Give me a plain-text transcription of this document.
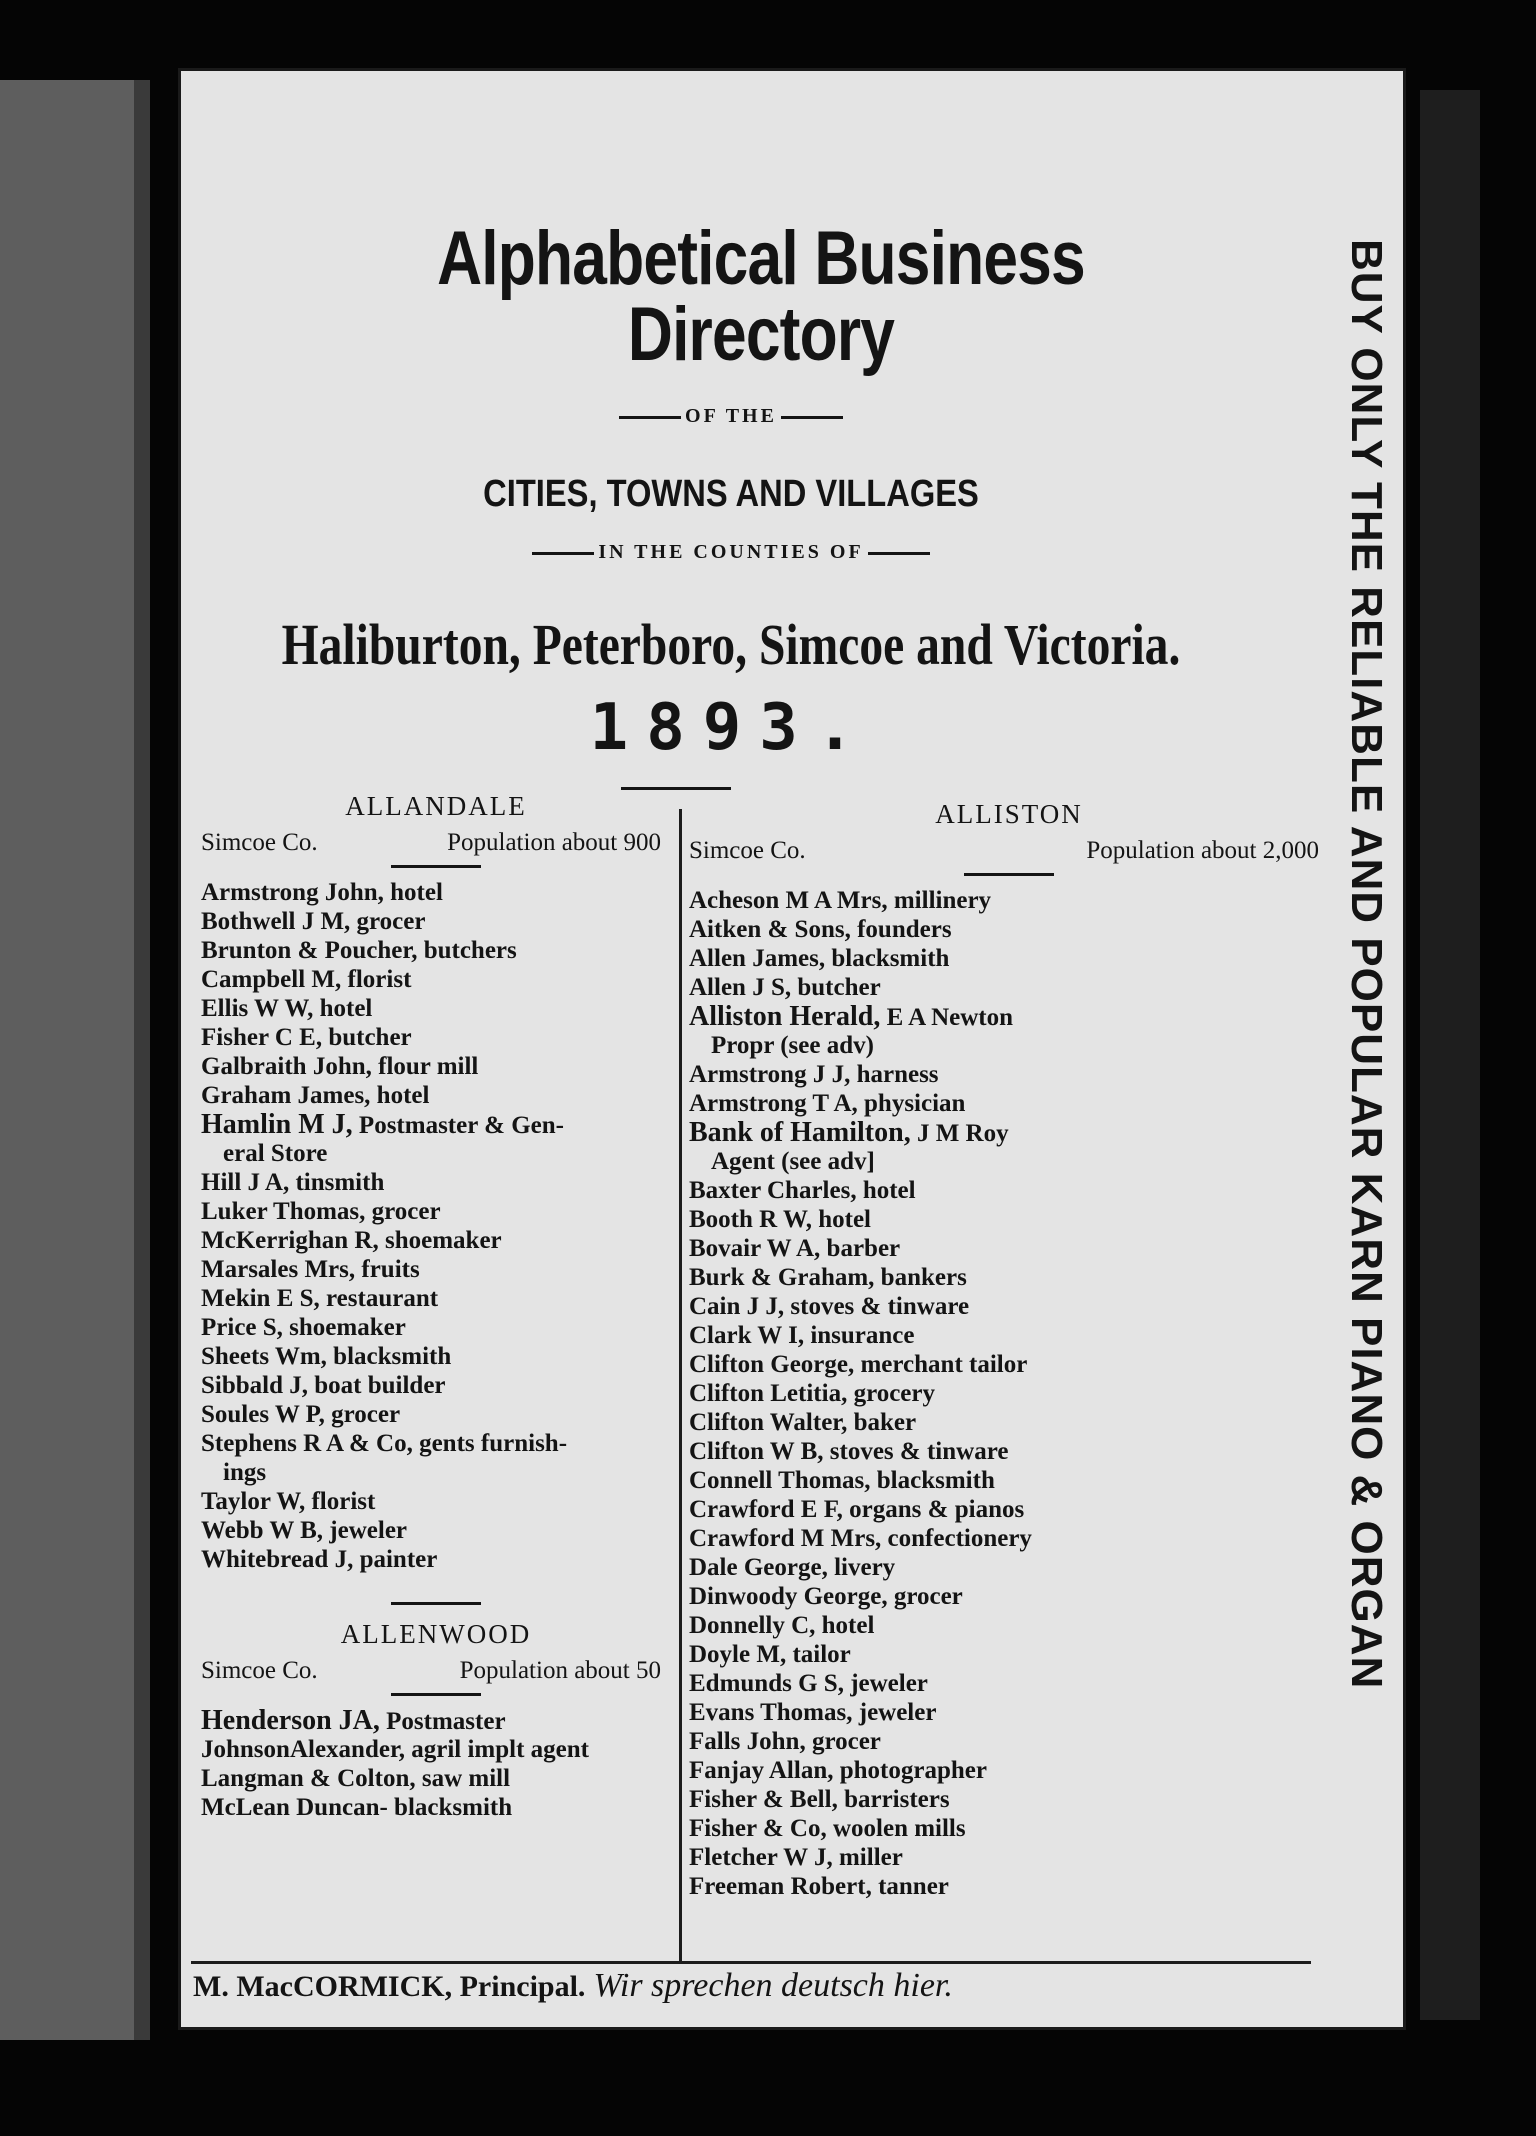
Alphabetical Business Directory
OF THE
CITIES, TOWNS AND VILLAGES
IN THE COUNTIES OF
Haliburton, Peterboro, Simcoe and Victoria.
1893.
ALLANDALE
Simcoe Co.	Population about 900
Armstrong John, hotel
Bothwell J M, grocer
Brunton & Poucher, butchers
Campbell M, florist
Ellis W W, hotel
Fisher C E, butcher
Galbraith John, flour mill
Graham James, hotel
Hamlin M J, Postmaster & Gen-
eral Store
Hill J A, tinsmith
Luker Thomas, grocer
McKerrighan R, shoemaker
Marsales Mrs, fruits
Mekin E S, restaurant
Price S, shoemaker
Sheets Wm, blacksmith
Sibbald J, boat builder
Soules W P, grocer
Stephens R A & Co, gents furnish-
ings
Taylor W, florist
Webb W B, jeweler
Whitebread J, painter
ALLENWOOD
Simcoe Co.	Population about 50
Henderson JA, Postmaster
JohnsonAlexander, agril implt agent
Langman & Colton, saw mill
McLean Duncan- blacksmith
ALLISTON
Simcoe Co.	Population about 2,000
Acheson M A Mrs, millinery
Aitken & Sons, founders
Allen James, blacksmith
Allen J S, butcher
Alliston Herald, E A Newton
Propr (see adv)
Armstrong J J, harness
Armstrong T A, physician
Bank of Hamilton, J M Roy
Agent (see adv]
Baxter Charles, hotel
Booth R W, hotel
Bovair W A, barber
Burk & Graham, bankers
Cain J J, stoves & tinware
Clark W I, insurance
Clifton George, merchant tailor
Clifton Letitia, grocery
Clifton Walter, baker
Clifton W B, stoves & tinware
Connell Thomas, blacksmith
Crawford E F, organs & pianos
Crawford M Mrs, confectionery
Dale George, livery
Dinwoody George, grocer
Donnelly C, hotel
Doyle M, tailor
Edmunds G S, jeweler
Evans Thomas, jeweler
Falls John, grocer
Fanjay Allan, photographer
Fisher & Bell, barristers
Fisher & Co, woolen mills
Fletcher W J, miller
Freeman Robert, tanner
M. MacCORMICK, Principal. Wir sprechen deutsch hier.
BUY ONLY THE RELIABLE AND POPULAR KARN PIANO & ORGAN
